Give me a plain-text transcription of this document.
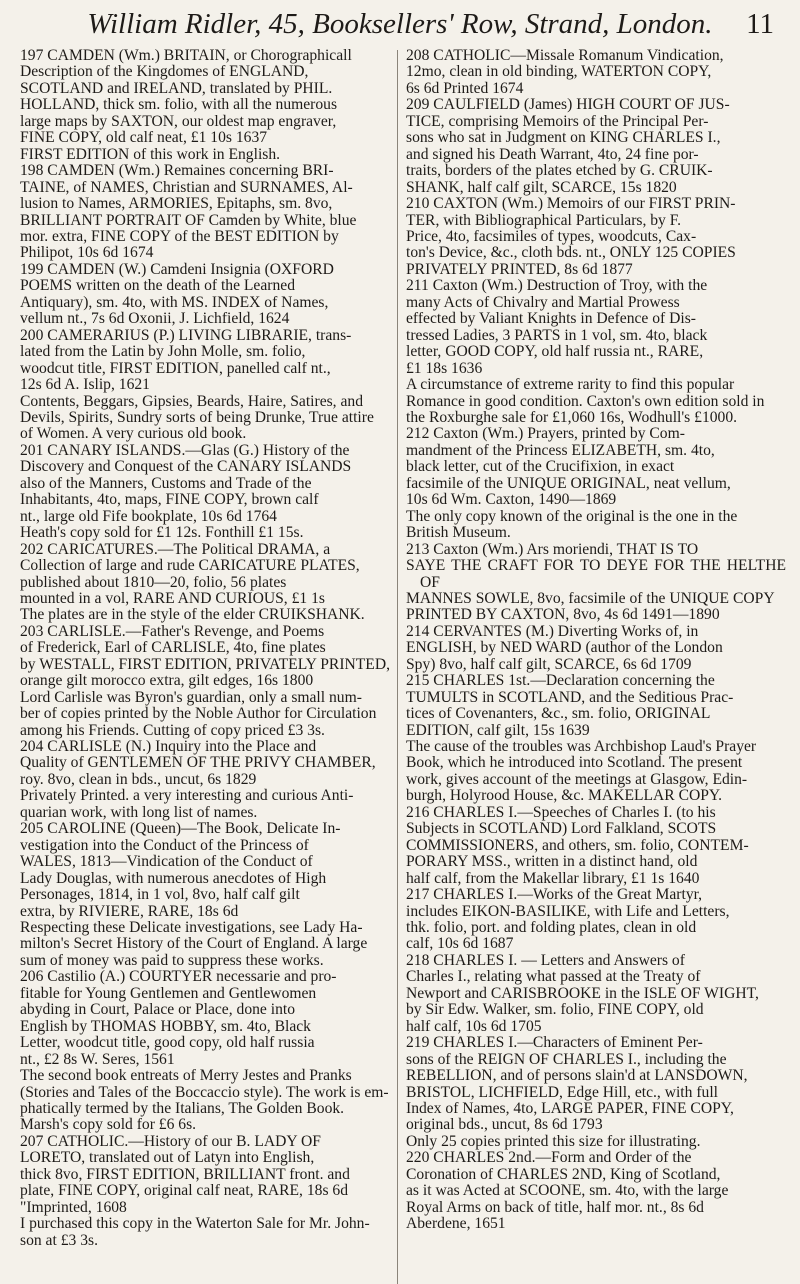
William Ridler, 45, Booksellers' Row, Strand, London. 11
197 CAMDEN (Wm.) BRITAIN, or Chorographicall
Description of the Kingdomes of ENGLAND,
SCOTLAND and IRELAND, translated by PHIL.
HOLLAND, thick sm. folio, with all the numerous
large maps by SAXTON, our oldest map engraver,
FINE COPY, old calf neat, £1 10s 1637
FIRST EDITION of this work in English.
198 CAMDEN (Wm.) Remaines concerning BRI-
TAINE, of NAMES, Christian and SURNAMES, Al-
lusion to Names, ARMORIES, Epitaphs, sm. 8vo,
BRILLIANT PORTRAIT OF Camden by White, blue
mor. extra, FINE COPY of the BEST EDITION by
Philipot, 10s 6d 1674
199 CAMDEN (W.) Camdeni Insignia (OXFORD
POEMS written on the death of the Learned
Antiquary), sm. 4to, with MS. INDEX of Names,
vellum nt., 7s 6d Oxonii, J. Lichfield, 1624
200 CAMERARIUS (P.) LIVING LIBRARIE, trans-
lated from the Latin by John Molle, sm. folio,
woodcut title, FIRST EDITION, panelled calf nt.,
12s 6d A. Islip, 1621
Contents, Beggars, Gipsies, Beards, Haire, Satires, and
Devils, Spirits, Sundry sorts of being Drunke, True attire
of Women. A very curious old book.
201 CANARY ISLANDS.—Glas (G.) History of the
Discovery and Conquest of the CANARY ISLANDS
also of the Manners, Customs and Trade of the
Inhabitants, 4to, maps, FINE COPY, brown calf
nt., large old Fife bookplate, 10s 6d 1764
Heath's copy sold for £1 12s. Fonthill £1 15s.
202 CARICATURES.—The Political DRAMA, a
Collection of large and rude CARICATURE PLATES,
published about 1810—20, folio, 56 plates
mounted in a vol, RARE AND CURIOUS, £1 1s
The plates are in the style of the elder CRUIKSHANK.
203 CARLISLE.—Father's Revenge, and Poems
of Frederick, Earl of CARLISLE, 4to, fine plates
by WESTALL, FIRST EDITION, PRIVATELY PRINTED,
orange gilt morocco extra, gilt edges, 16s 1800
Lord Carlisle was Byron's guardian, only a small num-
ber of copies printed by the Noble Author for Circulation
among his Friends. Cutting of copy priced £3 3s.
204 CARLISLE (N.) Inquiry into the Place and
Quality of GENTLEMEN OF THE PRIVY CHAMBER,
roy. 8vo, clean in bds., uncut, 6s 1829
Privately Printed. a very interesting and curious Anti-
quarian work, with long list of names.
205 CAROLINE (Queen)—The Book, Delicate In-
vestigation into the Conduct of the Princess of
WALES, 1813—Vindication of the Conduct of
Lady Douglas, with numerous anecdotes of High
Personages, 1814, in 1 vol, 8vo, half calf gilt
extra, by RIVIERE, RARE, 18s 6d
Respecting these Delicate investigations, see Lady Ha-
milton's Secret History of the Court of England. A large
sum of money was paid to suppress these works.
206 Castilio (A.) COURTYER necessarie and pro-
fitable for Young Gentlemen and Gentlewomen
abyding in Court, Palace or Place, done into
English by THOMAS HOBBY, sm. 4to, Black
Letter, woodcut title, good copy, old half russia
nt., £2 8s W. Seres, 1561
The second book entreats of Merry Jestes and Pranks
(Stories and Tales of the Boccaccio style). The work is em-
phatically termed by the Italians, The Golden Book.
Marsh's copy sold for £6 6s.
207 CATHOLIC.—History of our B. LADY OF
LORETO, translated out of Latyn into English,
thick 8vo, FIRST EDITION, BRILLIANT front. and
plate, FINE COPY, original calf neat, RARE, 18s 6d
"Imprinted, 1608
I purchased this copy in the Waterton Sale for Mr. John-
son at £3 3s.
208 CATHOLIC—Missale Romanum Vindication,
12mo, clean in old binding, WATERTON COPY,
6s 6d Printed 1674
209 CAULFIELD (James) HIGH COURT OF JUS-
TICE, comprising Memoirs of the Principal Per-
sons who sat in Judgment on KING CHARLES I.,
and signed his Death Warrant, 4to, 24 fine por-
traits, borders of the plates etched by G. CRUIK-
SHANK, half calf gilt, SCARCE, 15s 1820
210 CAXTON (Wm.) Memoirs of our FIRST PRIN-
TER, with Bibliographical Particulars, by F.
Price, 4to, facsimiles of types, woodcuts, Cax-
ton's Device, &c., cloth bds. nt., ONLY 125 COPIES
PRIVATELY PRINTED, 8s 6d 1877
211 Caxton (Wm.) Destruction of Troy, with the
many Acts of Chivalry and Martial Prowess
effected by Valiant Knights in Defence of Dis-
tressed Ladies, 3 PARTS in 1 vol, sm. 4to, black
letter, GOOD COPY, old half russia nt., RARE,
£1 18s 1636
A circumstance of extreme rarity to find this popular
Romance in good condition. Caxton's own edition sold in
the Roxburghe sale for £1,060 16s, Wodhull's £1000.
212 Caxton (Wm.) Prayers, printed by Com-
mandment of the Princess ELIZABETH, sm. 4to,
black letter, cut of the Crucifixion, in exact
facsimile of the UNIQUE ORIGINAL, neat vellum,
10s 6d Wm. Caxton, 1490—1869
The only copy known of the original is the one in the
British Museum.
213 Caxton (Wm.) Ars moriendi, THAT IS TO
SAYE THE CRAFT FOR TO DEYE FOR THE HELTHE OF
MANNES SOWLE, 8vo, facsimile of the UNIQUE COPY
PRINTED BY CAXTON, 8vo, 4s 6d 1491—1890
214 CERVANTES (M.) Diverting Works of, in
ENGLISH, by NED WARD (author of the London
Spy) 8vo, half calf gilt, SCARCE, 6s 6d 1709
215 CHARLES 1st.—Declaration concerning the
TUMULTS in SCOTLAND, and the Seditious Prac-
tices of Covenanters, &c., sm. folio, ORIGINAL
EDITION, calf gilt, 15s 1639
The cause of the troubles was Archbishop Laud's Prayer
Book, which he introduced into Scotland. The present
work, gives account of the meetings at Glasgow, Edin-
burgh, Holyrood House, &c. MAKELLAR COPY.
216 CHARLES I.—Speeches of Charles I. (to his
Subjects in SCOTLAND) Lord Falkland, SCOTS
COMMISSIONERS, and others, sm. folio, CONTEM-
PORARY MSS., written in a distinct hand, old
half calf, from the Makellar library, £1 1s 1640
217 CHARLES I.—Works of the Great Martyr,
includes EIKON-BASILIKE, with Life and Letters,
thk. folio, port. and folding plates, clean in old
calf, 10s 6d 1687
218 CHARLES I. — Letters and Answers of
Charles I., relating what passed at the Treaty of
Newport and CARISBROOKE in the ISLE OF WIGHT,
by Sir Edw. Walker, sm. folio, FINE COPY, old
half calf, 10s 6d 1705
219 CHARLES I.—Characters of Eminent Per-
sons of the REIGN OF CHARLES I., including the
REBELLION, and of persons slain'd at LANSDOWN,
BRISTOL, LICHFIELD, Edge Hill, etc., with full
Index of Names, 4to, LARGE PAPER, FINE COPY,
original bds., uncut, 8s 6d 1793
Only 25 copies printed this size for illustrating.
220 CHARLES 2nd.—Form and Order of the
Coronation of CHARLES 2ND, King of Scotland,
as it was Acted at SCOONE, sm. 4to, with the large
Royal Arms on back of title, half mor. nt., 8s 6d
Aberdene, 1651
